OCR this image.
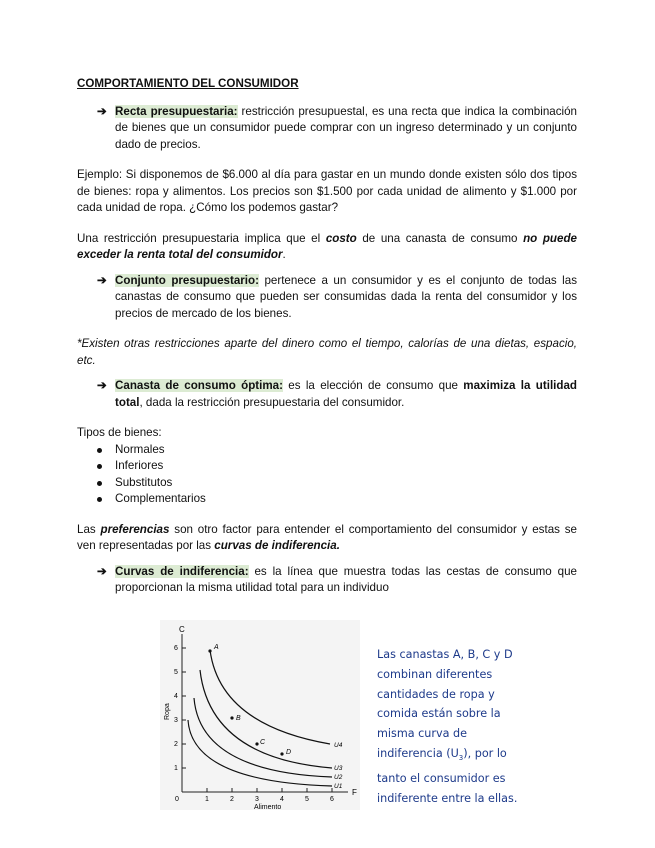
COMPORTAMIENTO DEL CONSUMIDOR
➔ Recta presupuestaria: restricción presupuestal, es una recta que indica la combinación de bienes que un consumidor puede comprar con un ingreso determinado y un conjunto dado de precios.

Ejemplo: Si disponemos de $6.000 al día para gastar en un mundo donde existen sólo dos tipos de bienes: ropa y alimentos. Los precios son $1.500 por cada unidad de alimento y $1.000 por cada unidad de ropa. ¿Cómo los podemos gastar?

Una restricción presupuestaria implica que el costo de una canasta de consumo no puede exceder la renta total del consumidor.

➔ Conjunto presupuestario: pertenece a un consumidor y es el conjunto de todas las canastas de consumo que pueden ser consumidas dada la renta del consumidor y los precios de mercado de los bienes.

*Existen otras restricciones aparte del dinero como el tiempo, calorías de una dietas, espacio, etc.

➔ Canasta de consumo óptima: es la elección de consumo que maximiza la utilidad total, dada la restricción presupuestaria del consumidor.

Tipos de bienes:

Normales
Inferiores
Substitutos
Complementarios

Las preferencias son otro factor para entender el comportamiento del consumidor y estas se ven representadas por las curvas de indiferencia.

➔ Curvas de indiferencia: es la línea que muestra todas las cestas de consumo que proporcionan la misma utilidad total para un individuo
C
F
Ropa
Alimento
1
2
3
4
5
6
0	1	2	3	4	5	6
A
B
C
D
U4
U3
U2
U1
Las canastas A, B, C y D combinan diferentes cantidades de ropa y comida están sobre la misma curva de indiferencia $(U_3)$, por lo tanto el consumidor es indiferente entre la ellas.
